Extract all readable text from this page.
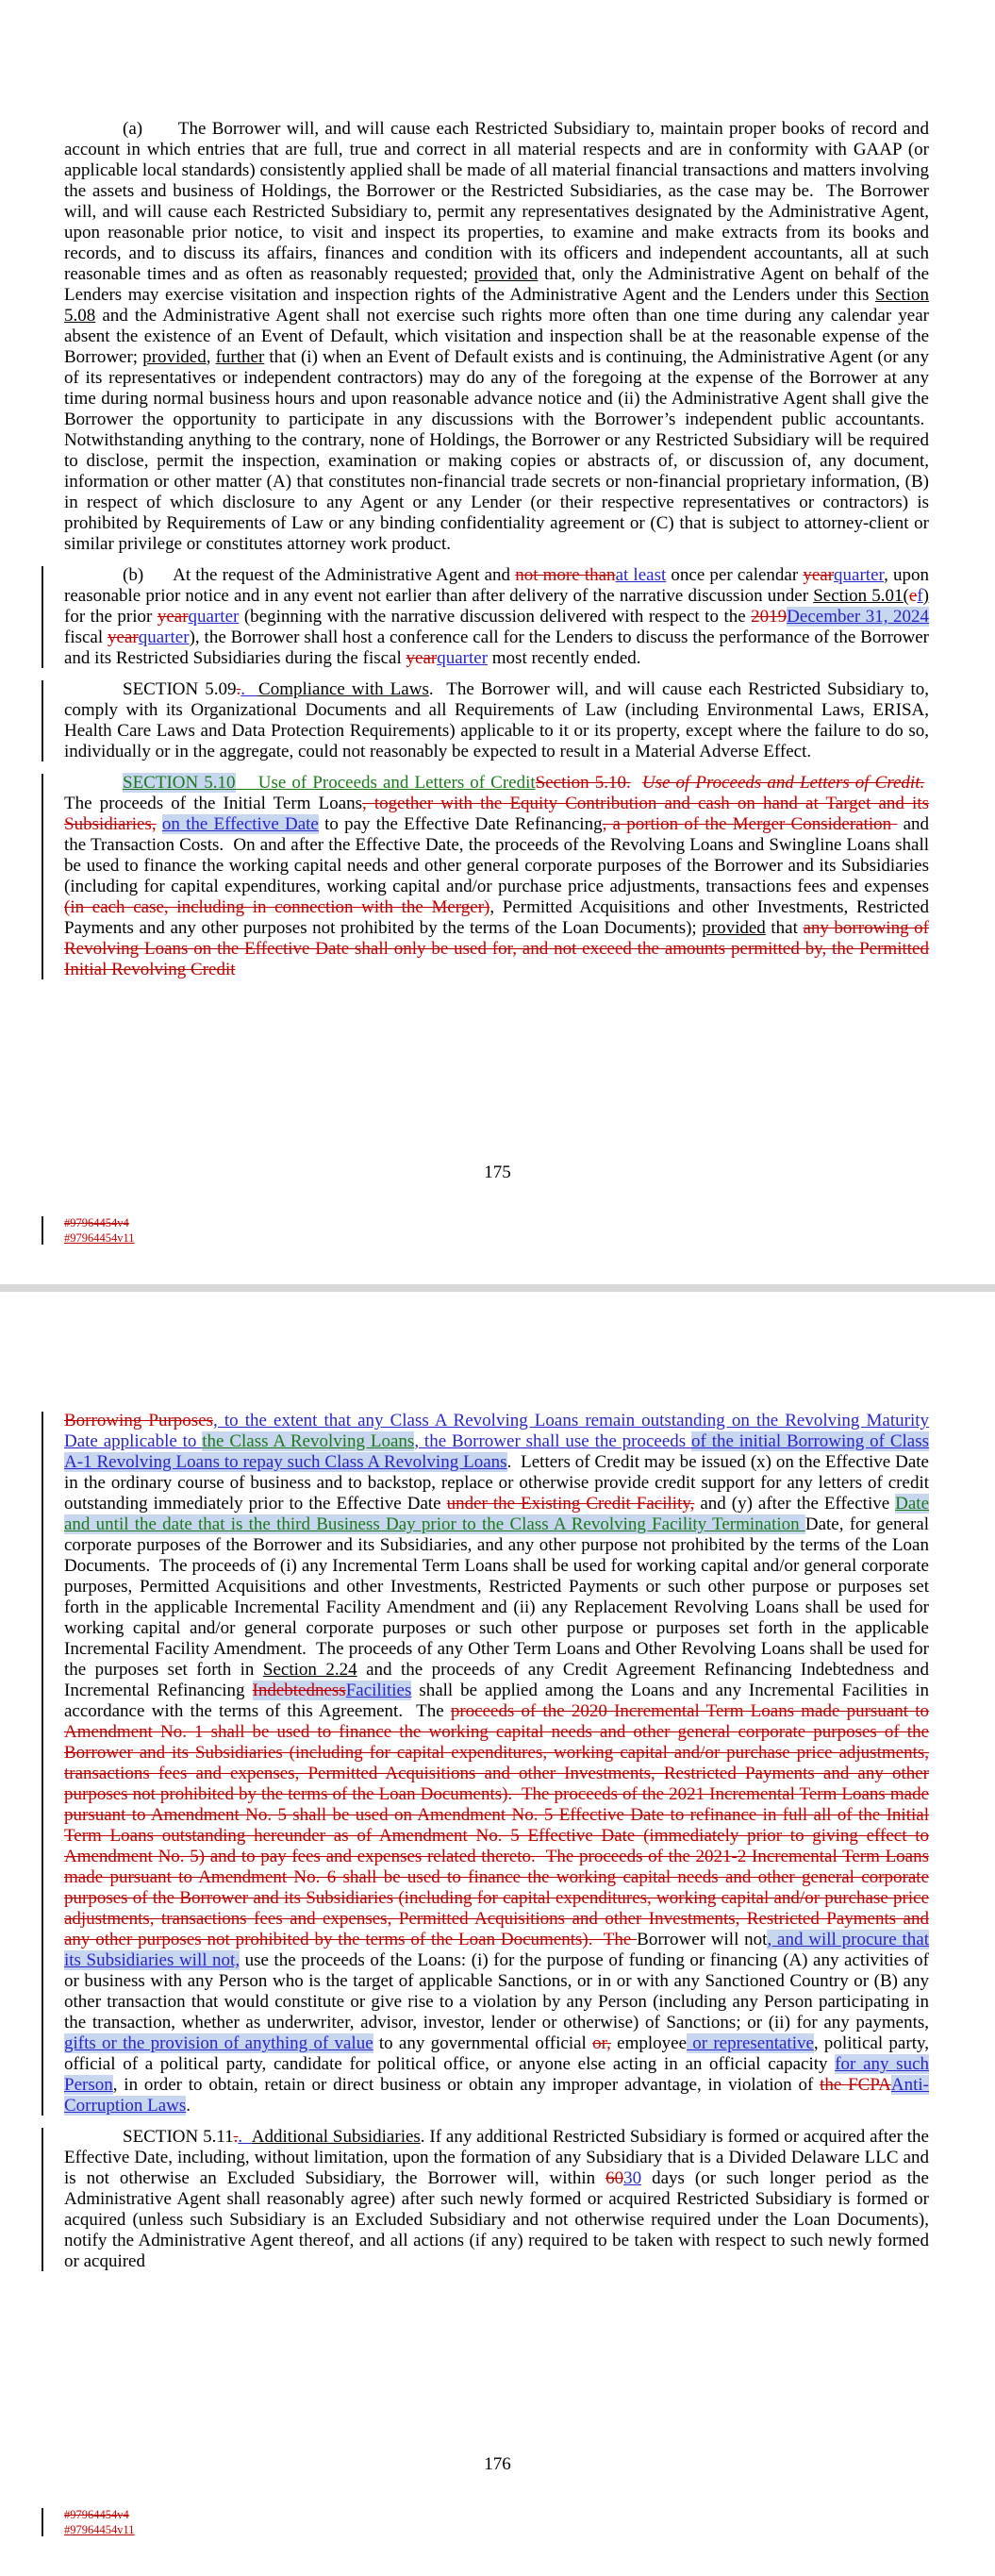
(a)      The Borrower will, and will cause each Restricted Subsidiary to, maintain proper books of record and account in which entries that are full, true and correct in all material respects and are in conformity with GAAP (or applicable local standards) consistently applied shall be made of all material financial transactions and matters involving the assets and business of Holdings, the Borrower or the Restricted Subsidiaries, as the case may be.  The Borrower will, and will cause each Restricted Subsidiary to, permit any representatives designated by the Administrative Agent, upon reasonable prior notice, to visit and inspect its properties, to examine and make extracts from its books and records, and to discuss its affairs, finances and condition with its officers and independent accountants, all at such reasonable times and as often as reasonably requested; provided that, only the Administrative Agent on behalf of the Lenders may exercise visitation and inspection rights of the Administrative Agent and the Lenders under this Section 5.08 and the Administrative Agent shall not exercise such rights more often than one time during any calendar year absent the existence of an Event of Default, which visitation and inspection shall be at the reasonable expense of the Borrower; provided, further that (i) when an Event of Default exists and is continuing, the Administrative Agent (or any of its representatives or independent contractors) may do any of the foregoing at the expense of the Borrower at any time during normal business hours and upon reasonable advance notice and (ii) the Administrative Agent shall give the Borrower the opportunity to participate in any discussions with the Borrower’s independent public accountants.  Notwithstanding anything to the contrary, none of Holdings, the Borrower or any Restricted Subsidiary will be required to disclose, permit the inspection, examination or making copies or abstracts of, or discussion of, any document, information or other matter (A) that constitutes non-financial trade secrets or non-financial proprietary information, (B) in respect of which disclosure to any Agent or any Lender (or their respective representatives or contractors) is prohibited by Requirements of Law or any binding confidentiality agreement or (C) that is subject to attorney-client or similar privilege or constitutes attorney work product.

(b)      At the request of the Administrative Agent and not more thanat least once per calendar yearquarter, upon reasonable prior notice and in any event not earlier than after delivery of the narrative discussion under Section 5.01(ef) for the prior yearquarter (beginning with the narrative discussion delivered with respect to the 2019December 31, 2024 fiscal yearquarter), the Borrower shall host a conference call for the Lenders to discuss the performance of the Borrower and its Restricted Subsidiaries during the fiscal yearquarter most recently ended.

SECTION 5.09..  Compliance with Laws.  The Borrower will, and will cause each Restricted Subsidiary to, comply with its Organizational Documents and all Requirements of Law (including Environmental Laws, ERISA, Health Care Laws and Data Protection Requirements) applicable to it or its property, except where the failure to do so, individually or in the aggregate, could not reasonably be expected to result in a Material Adverse Effect.

SECTION 5.10    Use of Proceeds and Letters of CreditSection 5.10. Use of Proceeds and Letters of Credit.  The proceeds of the Initial Term Loans, together with the Equity Contribution and cash on hand at Target and its Subsidiaries, on the Effective Date to pay the Effective Date Refinancing, a portion of the Merger Consideration  and the Transaction Costs.  On and after the Effective Date, the proceeds of the Revolving Loans and Swingline Loans shall be used to finance the working capital needs and other general corporate purposes of the Borrower and its Subsidiaries (including for capital expenditures, working capital and/or purchase price adjustments, transactions fees and expenses (in each case, including in connection with the Merger), Permitted Acquisitions and other Investments, Restricted Payments and any other purposes not prohibited by the terms of the Loan Documents); provided that any borrowing of Revolving Loans on the Effective Date shall only be used for, and not exceed the amounts permitted by, the Permitted Initial Revolving Credit

175
#97964454v4
#97964454v11

Borrowing Purposes, to the extent that any Class A Revolving Loans remain outstanding on the Revolving Maturity Date applicable to the Class A Revolving Loans, the Borrower shall use the proceeds of the initial Borrowing of Class A-1 Revolving Loans to repay such Class A Revolving Loans.  Letters of Credit may be issued (x) on the Effective Date in the ordinary course of business and to backstop, replace or otherwise provide credit support for any letters of credit outstanding immediately prior to the Effective Date under the Existing Credit Facility, and (y) after the Effective Date and until the date that is the third Business Day prior to the Class A Revolving Facility Termination Date, for general corporate purposes of the Borrower and its Subsidiaries, and any other purpose not prohibited by the terms of the Loan Documents.  The proceeds of (i) any Incremental Term Loans shall be used for working capital and/or general corporate purposes, Permitted Acquisitions and other Investments, Restricted Payments or such other purpose or purposes set forth in the applicable Incremental Facility Amendment and (ii) any Replacement Revolving Loans shall be used for working capital and/or general corporate purposes or such other purpose or purposes set forth in the applicable Incremental Facility Amendment.  The proceeds of any Other Term Loans and Other Revolving Loans shall be used for the purposes set forth in Section 2.24 and the proceeds of any Credit Agreement Refinancing Indebtedness and Incremental Refinancing IndebtednessFacilities shall be applied among the Loans and any Incremental Facilities in accordance with the terms of this Agreement.  The proceeds of the 2020 Incremental Term Loans made pursuant to Amendment No. 1 shall be used to finance the working capital needs and other general corporate purposes of the Borrower and its Subsidiaries (including for capital expenditures, working capital and/or purchase price adjustments, transactions fees and expenses, Permitted Acquisitions and other Investments, Restricted Payments and any other purposes not prohibited by the terms of the Loan Documents).  The proceeds of the 2021 Incremental Term Loans made pursuant to Amendment No. 5 shall be used on Amendment No. 5 Effective Date to refinance in full all of the Initial Term Loans outstanding hereunder as of Amendment No. 5 Effective Date (immediately prior to giving effect to Amendment No. 5) and to pay fees and expenses related thereto.  The proceeds of the 2021-2 Incremental Term Loans made pursuant to Amendment No. 6 shall be used to finance the working capital needs and other general corporate purposes of the Borrower and its Subsidiaries (including for capital expenditures, working capital and/or purchase price adjustments, transactions fees and expenses, Permitted Acquisitions and other Investments, Restricted Payments and any other purposes not prohibited by the terms of the Loan Documents).  The Borrower will not, and will procure that its Subsidiaries will not, use the proceeds of the Loans: (i) for the purpose of funding or financing (A) any activities of or business with any Person who is the target of applicable Sanctions, or in or with any Sanctioned Country or (B) any other transaction that would constitute or give rise to a violation by any Person (including any Person participating in the transaction, whether as underwriter, advisor, investor, lender or otherwise) of Sanctions; or (ii) for any payments, gifts or the provision of anything of value to any governmental official or, employee or representative, political party, official of a political party, candidate for political office, or anyone else acting in an official capacity for any such Person, in order to obtain, retain or direct business or obtain any improper advantage, in violation of the FCPAAnti-Corruption Laws.

SECTION 5.11..  Additional Subsidiaries. If any additional Restricted Subsidiary is formed or acquired after the Effective Date, including, without limitation, upon the formation of any Subsidiary that is a Divided Delaware LLC and is not otherwise an Excluded Subsidiary, the Borrower will, within 6030 days (or such longer period as the Administrative Agent shall reasonably agree) after such newly formed or acquired Restricted Subsidiary is formed or acquired (unless such Subsidiary is an Excluded Subsidiary and not otherwise required under the Loan Documents), notify the Administrative Agent thereof, and all actions (if any) required to be taken with respect to such newly formed or acquired

176
#97964454v4
#97964454v11
